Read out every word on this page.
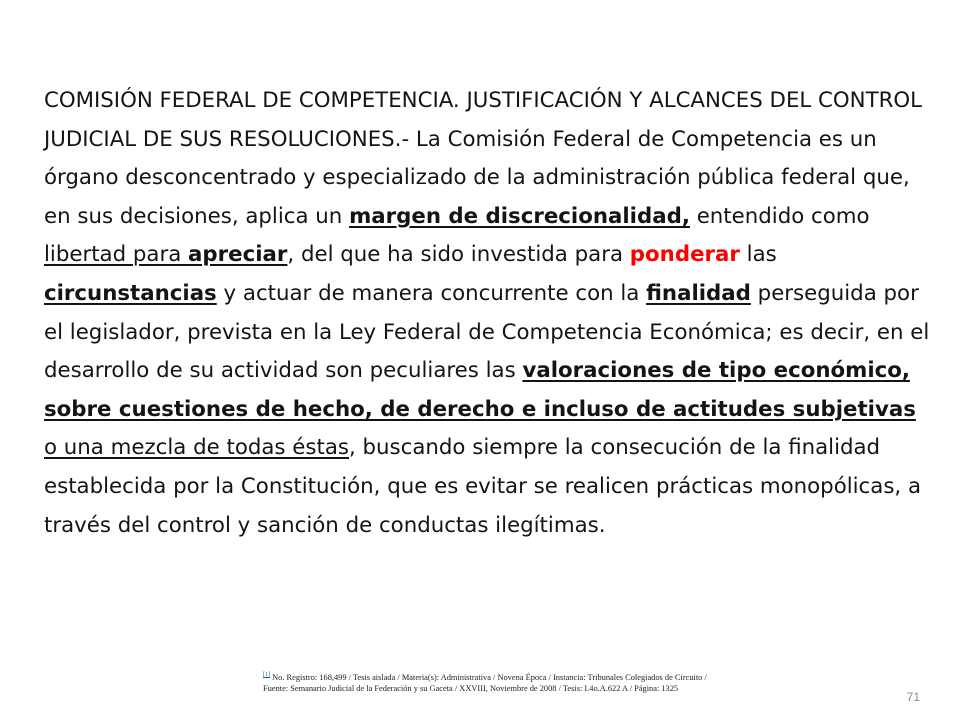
COMISIÓN FEDERAL DE COMPETENCIA. JUSTIFICACIÓN Y ALCANCES DEL CONTROL JUDICIAL DE SUS RESOLUCIONES.- La Comisión Federal de Competencia es un órgano desconcentrado y especializado de la administración pública federal que, en sus decisiones, aplica un margen de discrecionalidad, entendido como libertad para apreciar, del que ha sido investida para ponderar las circunstancias y actuar de manera concurrente con la finalidad perseguida por el legislador, prevista en la Ley Federal de Competencia Económica; es decir, en el desarrollo de su actividad son peculiares las valoraciones de tipo económico, sobre cuestiones de hecho, de derecho e incluso de actitudes subjetivas o una mezcla de todas éstas, buscando siempre la consecución de la finalidad establecida por la Constitución, que es evitar se realicen prácticas monopólicas, a través del control y sanción de conductas ilegítimas.

[1] No. Registro: 168,499 / Tesis aislada / Materia(s): Administrativa / Novena Época / Instancia: Tribunales Colegiados de Circuito /
Fuente: Semanario Judicial de la Federación y su Gaceta / XXVIII, Noviembre de 2008 / Tesis: I.4o.A.622 A / Página: 1325
71
